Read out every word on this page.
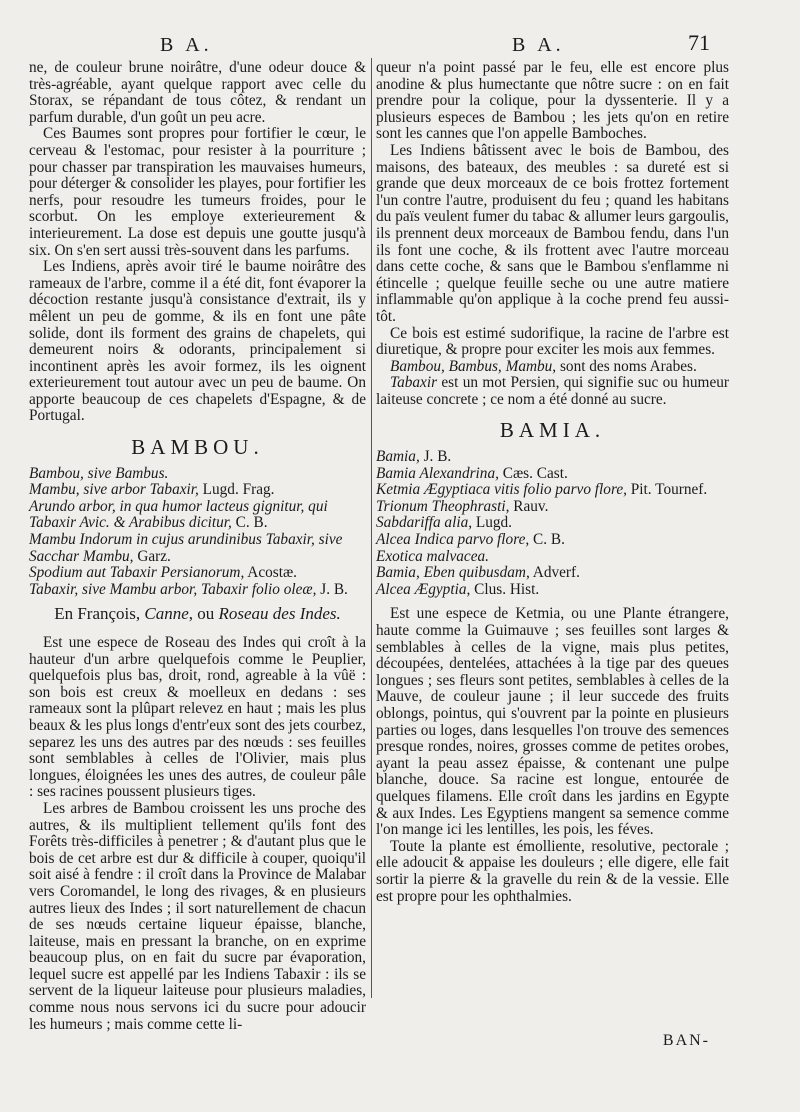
B A.	B A.	71

ne, de couleur brune noirâtre, d'une odeur douce & très-agréable, ayant quelque rapport avec celle du Storax, se répandant de tous côtez, & rendant un parfum durable, d'un goût un peu acre.

Ces Baumes sont propres pour fortifier le cœur, le cerveau & l'estomac, pour resister à la pourriture ; pour chasser par transpiration les mauvaises humeurs, pour déterger & consolider les playes, pour fortifier les nerfs, pour resoudre les tumeurs froides, pour le scorbut. On les employe exterieurement & interieurement. La dose est depuis une goutte jusqu'à six. On s'en sert aussi très-souvent dans les parfums.

Les Indiens, après avoir tiré le baume noirâtre des rameaux de l'arbre, comme il a été dit, font évaporer la décoction restante jusqu'à consistance d'extrait, ils y mêlent un peu de gomme, & ils en font une pâte solide, dont ils forment des grains de chapelets, qui demeurent noirs & odorants, principalement si incontinent après les avoir formez, ils les oignent exterieurement tout autour avec un peu de baume. On apporte beaucoup de ces chapelets d'Espagne, & de Portugal.

BAMBOU.
Bambou, sive Bambus.
Mambu, sive arbor Tabaxir, Lugd. Frag.
Arundo arbor, in qua humor lacteus gignitur, qui Tabaxir Avic. & Arabibus dicitur, C. B.
Mambu Indorum in cujus arundinibus Tabaxir, sive Sacchar Mambu, Garz.
Spodium aut Tabaxir Persianorum, Acostæ.
Tabaxir, sive Mambu arbor, Tabaxir folio oleæ, J. B.
En François, Canne, ou Roseau des Indes.

Est une espece de Roseau des Indes qui croît à la hauteur d'un arbre quelquefois comme le Peuplier, quelquefois plus bas, droit, rond, agreable à la vûë : son bois est creux & moelleux en dedans : ses rameaux sont la plûpart relevez en haut ; mais les plus beaux & les plus longs d'entr'eux sont des jets courbez, separez les uns des autres par des nœuds : ses feuilles sont semblables à celles de l'Olivier, mais plus longues, éloignées les unes des autres, de couleur pâle : ses racines poussent plusieurs tiges.

Les arbres de Bambou croissent les uns proche des autres, & ils multiplient tellement qu'ils font des Forêts très-difficiles à penetrer ; & d'autant plus que le bois de cet arbre est dur & difficile à couper, quoiqu'il soit aisé à fendre : il croît dans la Province de Malabar vers Coromandel, le long des rivages, & en plusieurs autres lieux des Indes ; il sort naturellement de chacun de ses nœuds certaine liqueur épaisse, blanche, laiteuse, mais en pressant la branche, on en exprime beaucoup plus, on en fait du sucre par évaporation, lequel sucre est appellé par les Indiens Tabaxir : ils se servent de la liqueur laiteuse pour plusieurs maladies, comme nous nous servons ici du sucre pour adoucir les humeurs ; mais comme cette li-

queur n'a point passé par le feu, elle est encore plus anodine & plus humectante que nôtre sucre : on en fait prendre pour la colique, pour la dyssenterie. Il y a plusieurs especes de Bambou ; les jets qu'on en retire sont les cannes que l'on appelle Bamboches.

Les Indiens bâtissent avec le bois de Bambou, des maisons, des bateaux, des meubles : sa dureté est si grande que deux morceaux de ce bois frottez fortement l'un contre l'autre, produisent du feu ; quand les habitans du païs veulent fumer du tabac & allumer leurs gargoulis, ils prennent deux morceaux de Bambou fendu, dans l'un ils font une coche, & ils frottent avec l'autre morceau dans cette coche, & sans que le Bambou s'enflamme ni étincelle ; quelque feuille seche ou une autre matiere inflammable qu'on applique à la coche prend feu aussi-tôt.

Ce bois est estimé sudorifique, la racine de l'arbre est diuretique, & propre pour exciter les mois aux femmes.

Bambou, Bambus, Mambu, sont des noms Arabes.

Tabaxir est un mot Persien, qui signifie suc ou humeur laiteuse concrete ; ce nom a été donné au sucre.

BAMIA.
Bamia, J. B.
Bamia Alexandrina, Cæs. Cast.
Ketmia Ægyptiaca vitis folio parvo flore, Pit. Tournef.
Trionum Theophrasti, Rauv.
Sabdariffa alia, Lugd.
Alcea Indica parvo flore, C. B.
Exotica malvacea.
Bamia, Eben quibusdam, Adverf.
Alcea Ægyptia, Clus. Hist.

Est une espece de Ketmia, ou une Plante étrangere, haute comme la Guimauve ; ses feuilles sont larges & semblables à celles de la vigne, mais plus petites, découpées, dentelées, attachées à la tige par des queues longues ; ses fleurs sont petites, semblables à celles de la Mauve, de couleur jaune ; il leur succede des fruits oblongs, pointus, qui s'ouvrent par la pointe en plusieurs parties ou loges, dans lesquelles l'on trouve des semences presque rondes, noires, grosses comme de petites orobes, ayant la peau assez épaisse, & contenant une pulpe blanche, douce. Sa racine est longue, entourée de quelques filamens. Elle croît dans les jardins en Egypte & aux Indes. Les Egyptiens mangent sa semence comme l'on mange ici les lentilles, les pois, les féves.

Toute la plante est émolliente, resolutive, pectorale ; elle adoucit & appaise les douleurs ; elle digere, elle fait sortir la pierre & la gravelle du rein & de la vessie. Elle est propre pour les ophthalmies.

BAN-
